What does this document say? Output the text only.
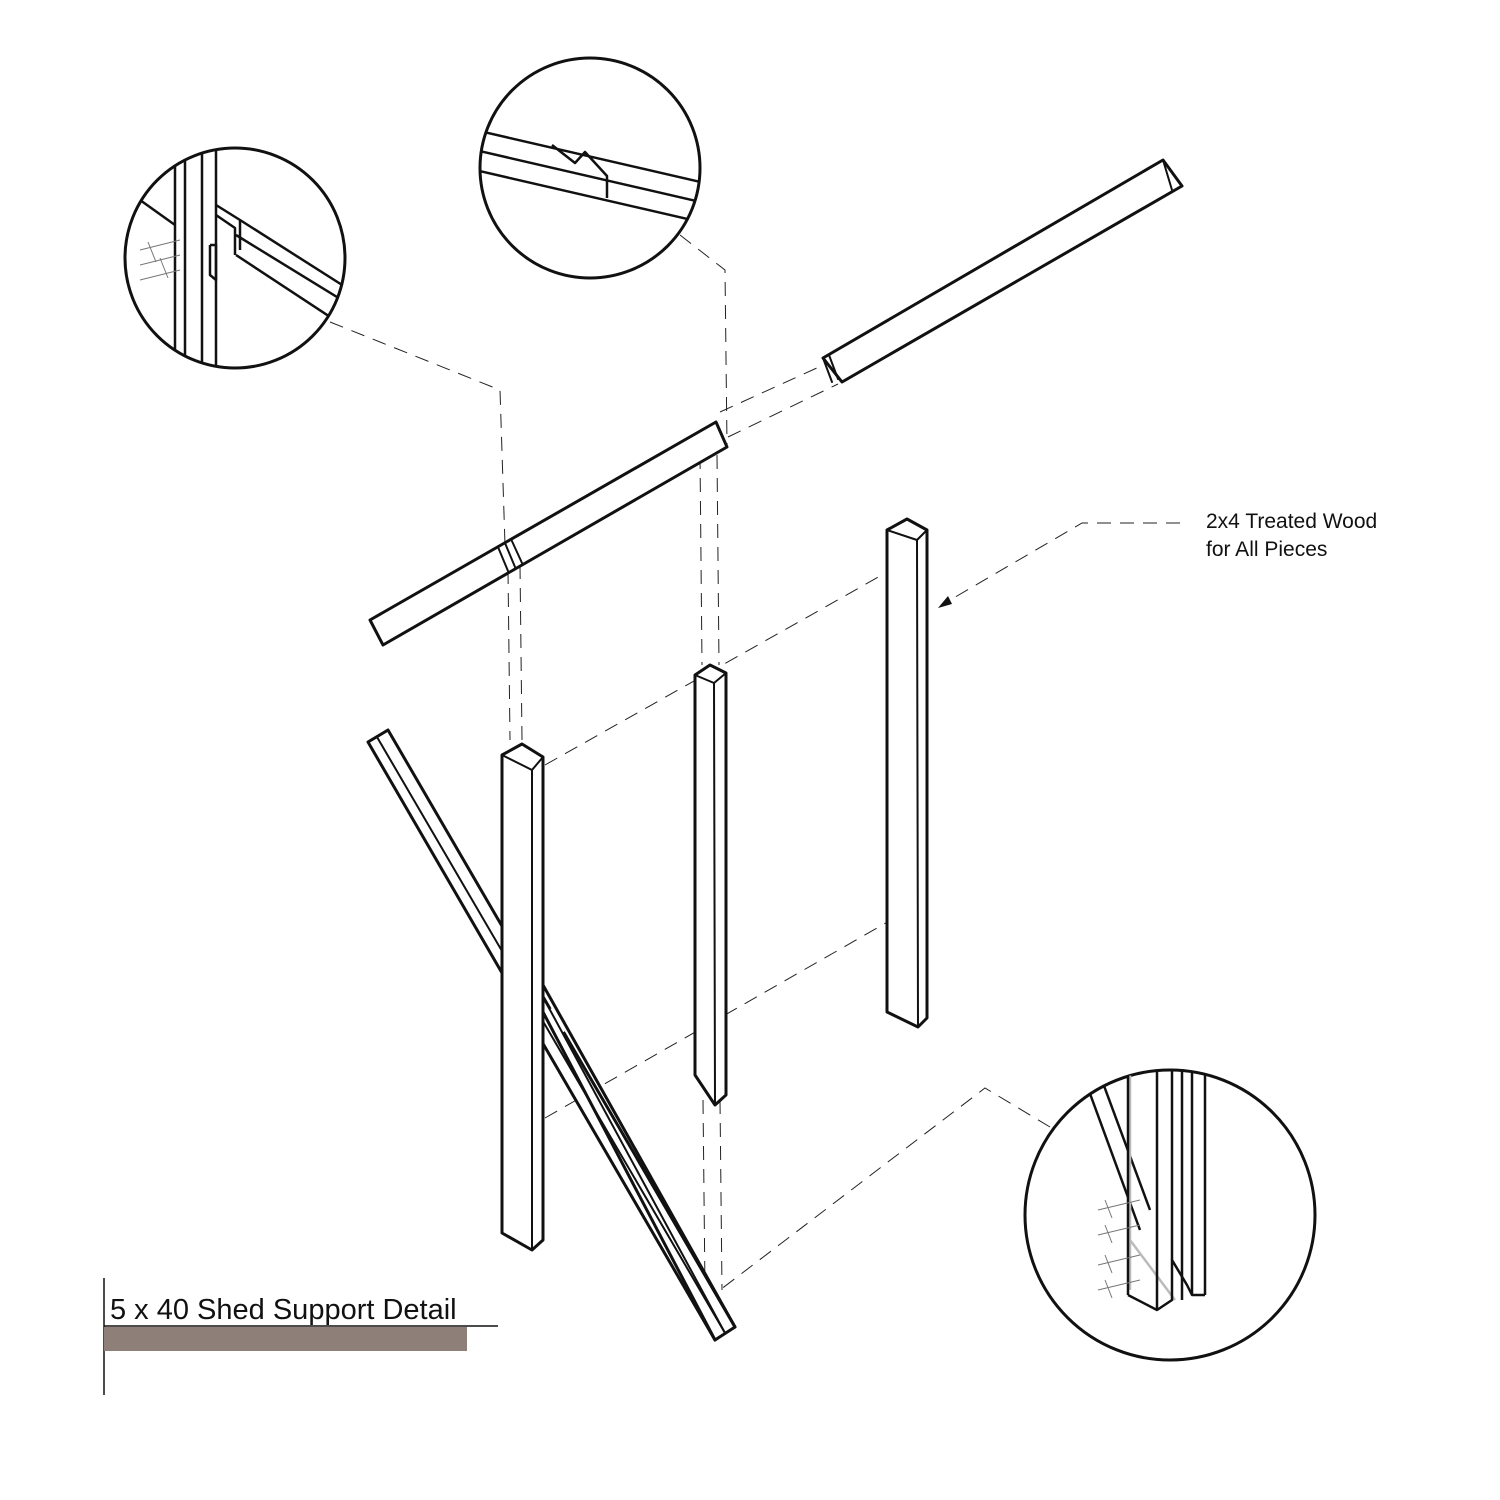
2x4 Treated Wood
for All Pieces
5 x 40 Shed Support Detail
